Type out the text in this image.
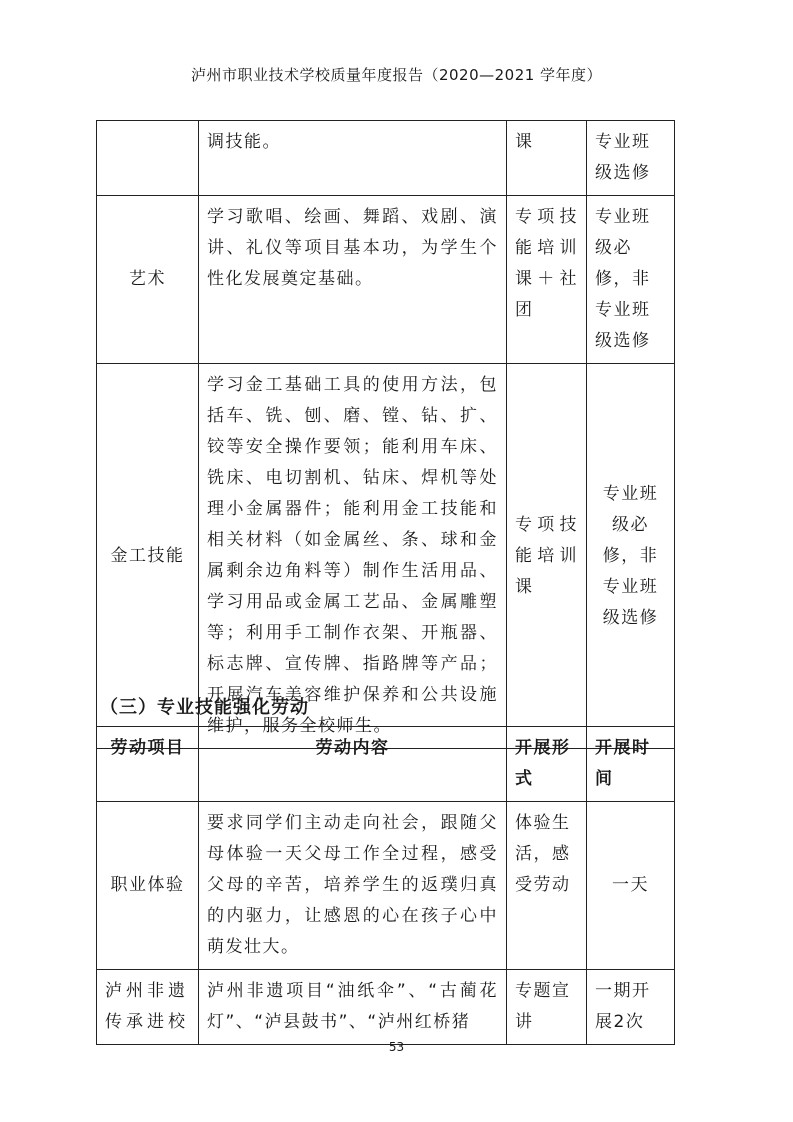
泸州市职业技术学校质量年度报告（2020—2021 学年度）
	调技能。	课	专业班级选修
艺术	学习歌唱、绘画、舞蹈、戏剧、演讲、礼仪等项目基本功，为学生个性化发展奠定基础。	专项技能培训课＋社团	专业班级必修，非专业班级选修
金工技能	学习金工基础工具的使用方法，包括车、铣、刨、磨、镗、钻、扩、铰等安全操作要领；能利用车床、铣床、电切割机、钻床、焊机等处理小金属器件；能利用金工技能和相关材料（如金属丝、条、球和金属剩余边角料等）制作生活用品、学习用品或金属工艺品、金属雕塑等；利用手工制作衣架、开瓶器、标志牌、宣传牌、指路牌等产品；开展汽车美容维护保养和公共设施维护，服务全校师生。	专项技能培训课	专业班级必修，非专业班级选修
（三）专业技能强化劳动
劳动项目	劳动内容	开展形式	开展时间
职业体验	要求同学们主动走向社会，跟随父母体验一天父母工作全过程，感受父母的辛苦，培养学生的返璞归真的内驱力，让感恩的心在孩子心中萌发壮大。	体验生活，感受劳动	一天
泸州非遗传承进校	泸州非遗项目“油纸伞”、“古蔺花灯”、“泸县鼓书”、“泸州红桥猪	专题宣讲	一期开展2次
53
